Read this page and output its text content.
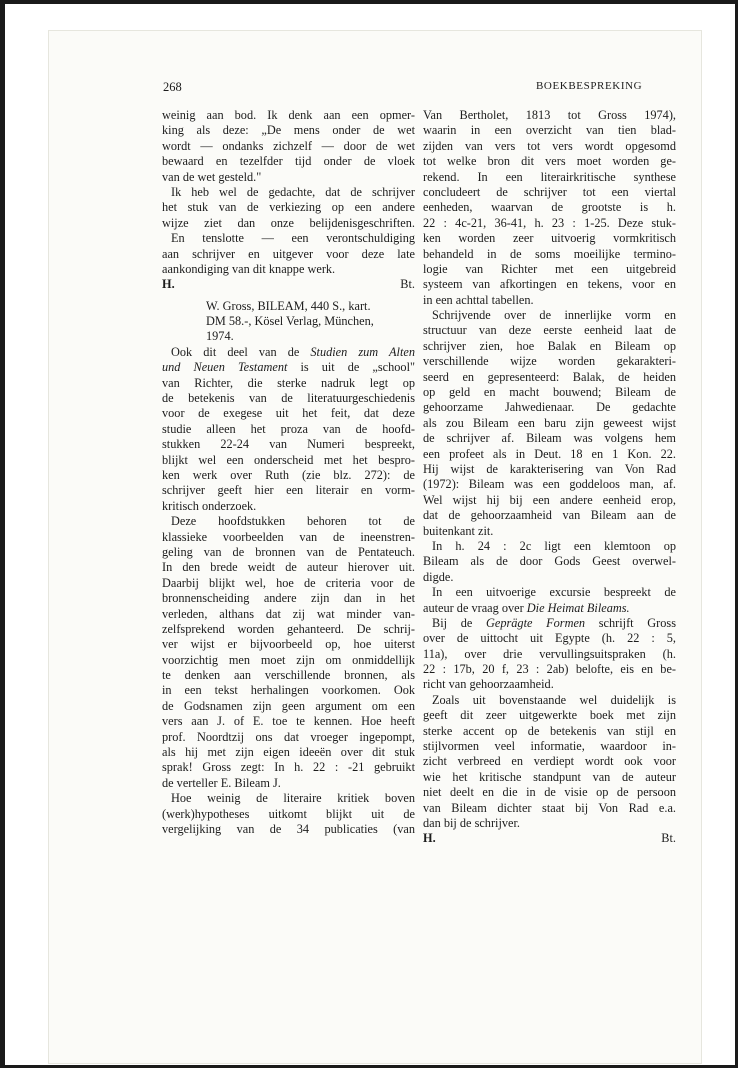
268	BOEKBESPREKING
weinig aan bod. Ik denk aan een opmer-
king als deze: „De mens onder de wet
wordt — ondanks zichzelf — door de wet
bewaard en tezelfder tijd onder de vloek
van de wet gesteld."
Ik heb wel de gedachte, dat de schrijver
het stuk van de verkiezing op een andere
wijze ziet dan onze belijdenisgeschriften.
En tenslotte — een verontschuldiging
aan schrijver en uitgever voor deze late
aankondiging van dit knappe werk.
H.	Bt.
W. Gross, BILEAM, 440 S., kart.
DM 58.-, Kösel Verlag, München,
1974.
Ook dit deel van de Studien zum Alten
und Neuen Testament is uit de „school"
van Richter, die sterke nadruk legt op
de betekenis van de literatuurgeschiedenis
voor de exegese uit het feit, dat deze
studie alleen het proza van de hoofd-
stukken 22-24 van Numeri bespreekt,
blijkt wel een onderscheid met het bespro-
ken werk over Ruth (zie blz. 272): de
schrijver geeft hier een literair en vorm-
kritisch onderzoek.
Deze hoofdstukken behoren tot de
klassieke voorbeelden van de ineenstren-
geling van de bronnen van de Pentateuch.
In den brede weidt de auteur hierover uit.
Daarbij blijkt wel, hoe de criteria voor de
bronnenscheiding andere zijn dan in het
verleden, althans dat zij wat minder van-
zelfsprekend worden gehanteerd. De schrij-
ver wijst er bijvoorbeeld op, hoe uiterst
voorzichtig men moet zijn om onmiddellijk
te denken aan verschillende bronnen, als
in een tekst herhalingen voorkomen. Ook
de Godsnamen zijn geen argument om een
vers aan J. of E. toe te kennen. Hoe heeft
prof. Noordtzij ons dat vroeger ingepompt,
als hij met zijn eigen ideeën over dit stuk
sprak! Gross zegt: In h. 22 : -21 gebruikt
de verteller E. Bileam J.
Hoe weinig de literaire kritiek boven
(werk)hypotheses uitkomt blijkt uit de
vergelijking van de 34 publicaties (van
Van Bertholet, 1813 tot Gross 1974),
waarin in een overzicht van tien blad-
zijden van vers tot vers wordt opgesomd
tot welke bron dit vers moet worden ge-
rekend. In een literairkritische synthese
concludeert de schrijver tot een viertal
eenheden, waarvan de grootste is h.
22 : 4c-21, 36-41, h. 23 : 1-25. Deze stuk-
ken worden zeer uitvoerig vormkritisch
behandeld in de soms moeilijke termino-
logie van Richter met een uitgebreid
systeem van afkortingen en tekens, voor en
in een achttal tabellen.
Schrijvende over de innerlijke vorm en
structuur van deze eerste eenheid laat de
schrijver zien, hoe Balak en Bileam op
verschillende wijze worden gekarakteri-
seerd en gepresenteerd: Balak, de heiden
op geld en macht bouwend; Bileam de
gehoorzame Jahwedienaar. De gedachte
als zou Bileam een baru zijn geweest wijst
de schrijver af. Bileam was volgens hem
een profeet als in Deut. 18 en 1 Kon. 22.
Hij wijst de karakterisering van Von Rad
(1972): Bileam was een goddeloos man, af.
Wel wijst hij bij een andere eenheid erop,
dat de gehoorzaamheid van Bileam aan de
buitenkant zit.
In h. 24 : 2c ligt een klemtoon op
Bileam als de door Gods Geest overwel-
digde.
In een uitvoerige excursie bespreekt de
auteur de vraag over Die Heimat Bileams.
Bij de Geprägte Formen schrijft Gross
over de uittocht uit Egypte (h. 22 : 5,
11a), over drie vervullingsuitspraken (h.
22 : 17b, 20 f, 23 : 2ab) belofte, eis en be-
richt van gehoorzaamheid.
Zoals uit bovenstaande wel duidelijk is
geeft dit zeer uitgewerkte boek met zijn
sterke accent op de betekenis van stijl en
stijlvormen veel informatie, waardoor in-
zicht verbreed en verdiept wordt ook voor
wie het kritische standpunt van de auteur
niet deelt en die in de visie op de persoon
van Bileam dichter staat bij Von Rad e.a.
dan bij de schrijver.
H.	Bt.
